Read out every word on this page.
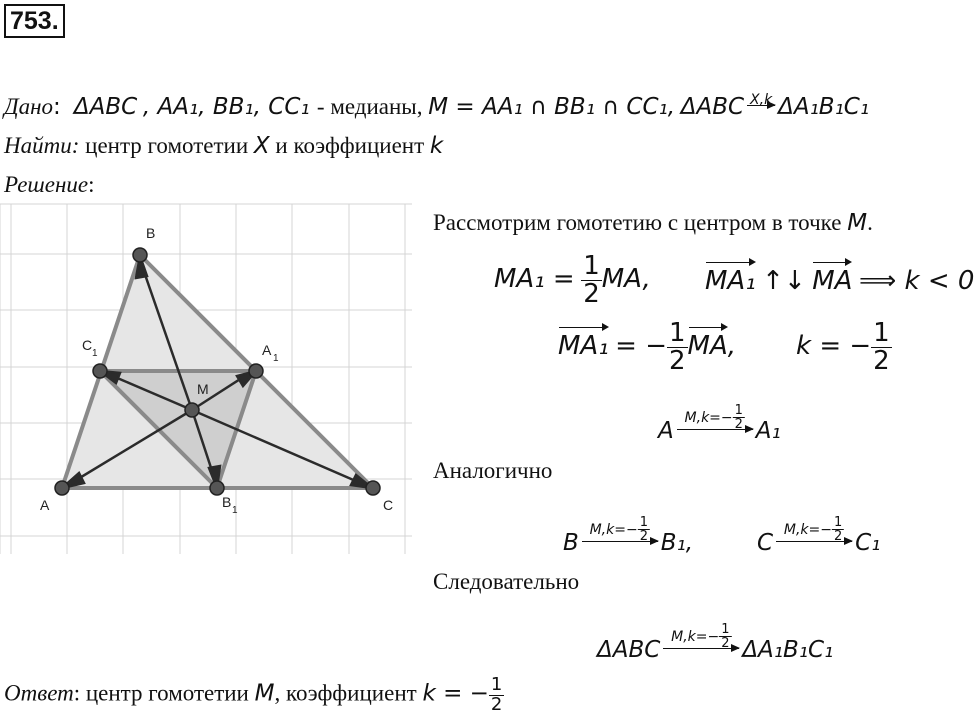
753.
Дано:  ΔABC , AA₁, BB₁, CC₁ - медианы, M = AA₁ ∩ BB₁ ∩ CC₁, ΔABC X,k ΔA₁B₁C₁
Найти: центр гомотетии X и коэффициент k
Решение:
A
B
C
M
A
1
B
1
C
1
Рассмотрим гомотетию с центром в точке M.
$MA_1 = \frac{1}{2}$ MA, MA₁ ↑↓ MA ⟹ k < 0
MA₁ = − $\frac{1}{2}$ MA, k = − $\frac{1}{2}$
A
$M,k=- \frac{1}{2} A_1$
Аналогично
B
$M,k=- \frac{1}{2} B_1$,	C
$M,k=- \frac{1}{2} C_1$
Следовательно
ΔABC
$M,k=- \frac{1}{2} \Delta A_1B_1C_1$
Ответ: центр гомотетии M, коэффициент k = − $\frac{1}{2}$
